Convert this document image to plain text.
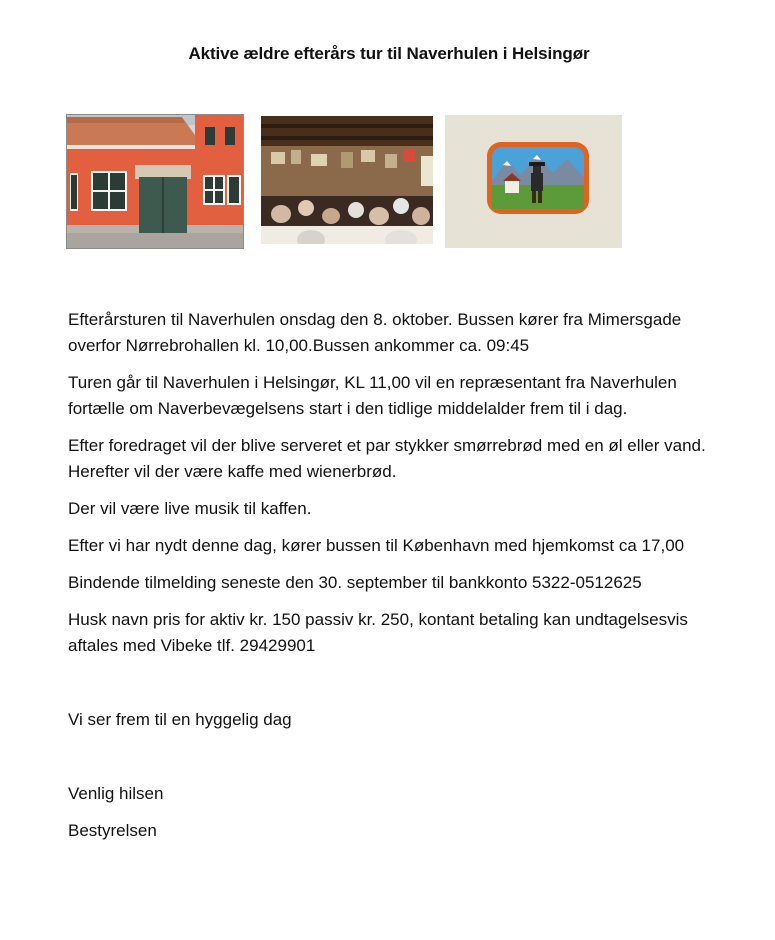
Aktive ældre efterårs tur til Naverhulen i Helsingør

Efterårsturen til Naverhulen onsdag den 8. oktober. Bussen kører fra Mimersgade overfor Nørrebrohallen kl. 10,00.Bussen ankommer ca. 09:45

Turen går til Naverhulen i Helsingør, KL 11,00 vil en repræsentant fra Naverhulen fortælle om Naverbevægelsens start i den tidlige middelalder frem til i dag.

Efter foredraget vil der blive serveret et par stykker smørrebrød med en øl eller vand. Herefter vil der være kaffe med wienerbrød.

Der vil være live musik til kaffen.

Efter vi har nydt denne dag, kører bussen til København med hjemkomst ca 17,00

Bindende tilmelding seneste den 30. september til bankkonto 5322-0512625

Husk navn pris for aktiv kr. 150 passiv kr. 250, kontant betaling kan undtagelsesvis aftales med Vibeke tlf. 29429901

Vi ser frem til en hyggelig dag

Venlig hilsen

Bestyrelsen
